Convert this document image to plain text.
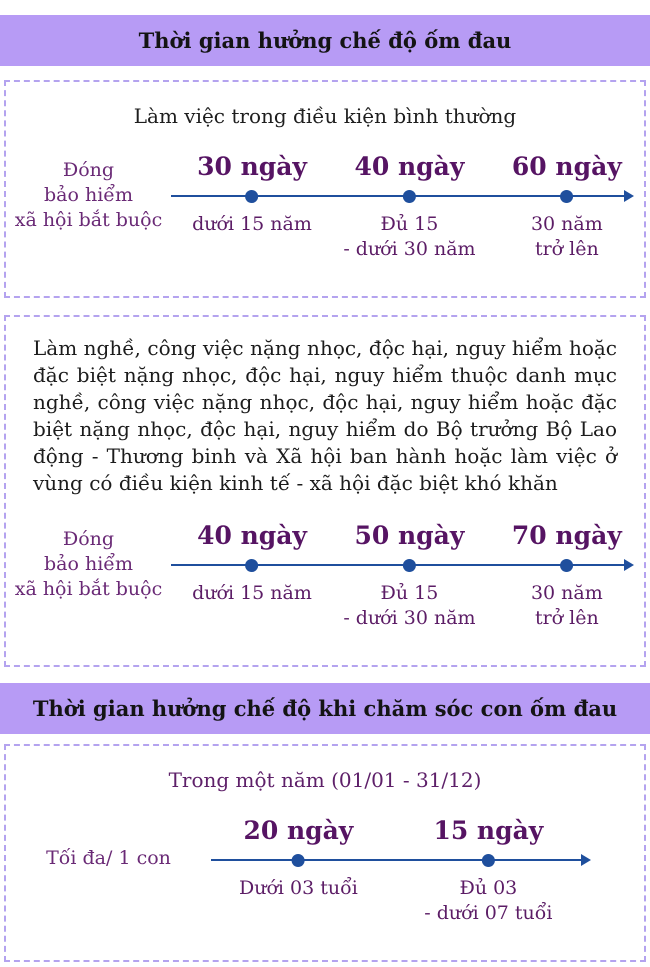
Thời gian hưởng chế độ ốm đau
Làm việc trong điều kiện bình thường
Đóng
bảo hiểm
xã hội bắt buộc
30 ngày
dưới 15 năm
40 ngày
Đủ 15
- dưới 30 năm
60 ngày
30 năm
trở lên
Làm nghề, công việc nặng nhọc, độc hại, nguy hiểm hoặc đặc biệt nặng nhọc, độc hại, nguy hiểm thuộc danh mục nghề, công việc nặng nhọc, độc hại, nguy hiểm hoặc đặc biệt nặng nhọc, độc hại, nguy hiểm do Bộ trưởng Bộ Lao động - Thương binh và Xã hội ban hành hoặc làm việc ở vùng có điều kiện kinh tế - xã hội đặc biệt khó khăn
Đóng
bảo hiểm
xã hội bắt buộc
40 ngày
dưới 15 năm
50 ngày
Đủ 15
- dưới 30 năm
70 ngày
30 năm
trở lên
Thời gian hưởng chế độ khi chăm sóc con ốm đau
Trong một năm (01/01 - 31/12)
Tối đa/ 1 con
20 ngày
Dưới 03 tuổi
15 ngày
Đủ 03
- dưới 07 tuổi
